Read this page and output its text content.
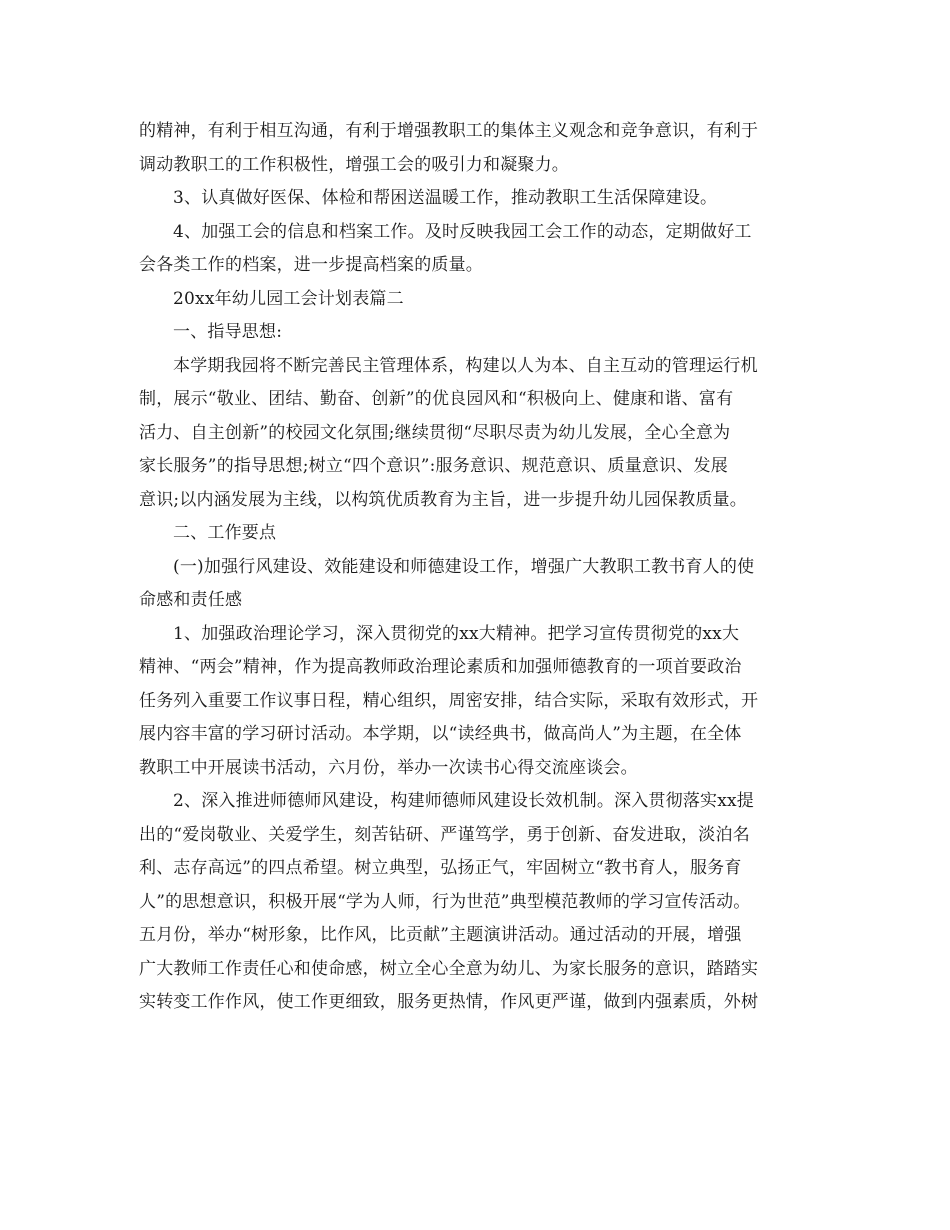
的精神，有利于相互沟通，有利于增强教职工的集体主义观念和竞争意识，有利于
调动教职工的工作积极性，增强工会的吸引力和凝聚力。
3、认真做好医保、体检和帮困送温暖工作，推动教职工生活保障建设。
4、加强工会的信息和档案工作。及时反映我园工会工作的动态，定期做好工
会各类工作的档案，进一步提高档案的质量。
20xx年幼儿园工会计划表篇二
一、指导思想:
本学期我园将不断完善民主管理体系，构建以人为本、自主互动的管理运行机
制，展示“敬业、团结、勤奋、创新”的优良园风和“积极向上、健康和谐、富有
活力、自主创新”的校园文化氛围;继续贯彻“尽职尽责为幼儿发展，全心全意为
家长服务”的指导思想;树立“四个意识”:服务意识、规范意识、质量意识、发展
意识;以内涵发展为主线，以构筑优质教育为主旨，进一步提升幼儿园保教质量。
二、工作要点
(一)加强行风建设、效能建设和师德建设工作，增强广大教职工教书育人的使
命感和责任感
1、加强政治理论学习，深入贯彻党的xx大精神。把学习宣传贯彻党的xx大
精神、“两会”精神，作为提高教师政治理论素质和加强师德教育的一项首要政治
任务列入重要工作议事日程，精心组织，周密安排，结合实际，采取有效形式，开
展内容丰富的学习研讨活动。本学期，以“读经典书，做高尚人”为主题，在全体
教职工中开展读书活动，六月份，举办一次读书心得交流座谈会。
2、深入推进师德师风建设，构建师德师风建设长效机制。深入贯彻落实xx提
出的“爱岗敬业、关爱学生，刻苦钻研、严谨笃学，勇于创新、奋发进取，淡泊名
利、志存高远”的四点希望。树立典型，弘扬正气，牢固树立“教书育人，服务育
人”的思想意识，积极开展“学为人师，行为世范”典型模范教师的学习宣传活动。
五月份，举办“树形象，比作风，比贡献”主题演讲活动。通过活动的开展，增强
广大教师工作责任心和使命感，树立全心全意为幼儿、为家长服务的意识，踏踏实
实转变工作作风，使工作更细致，服务更热情，作风更严谨，做到内强素质，外树
